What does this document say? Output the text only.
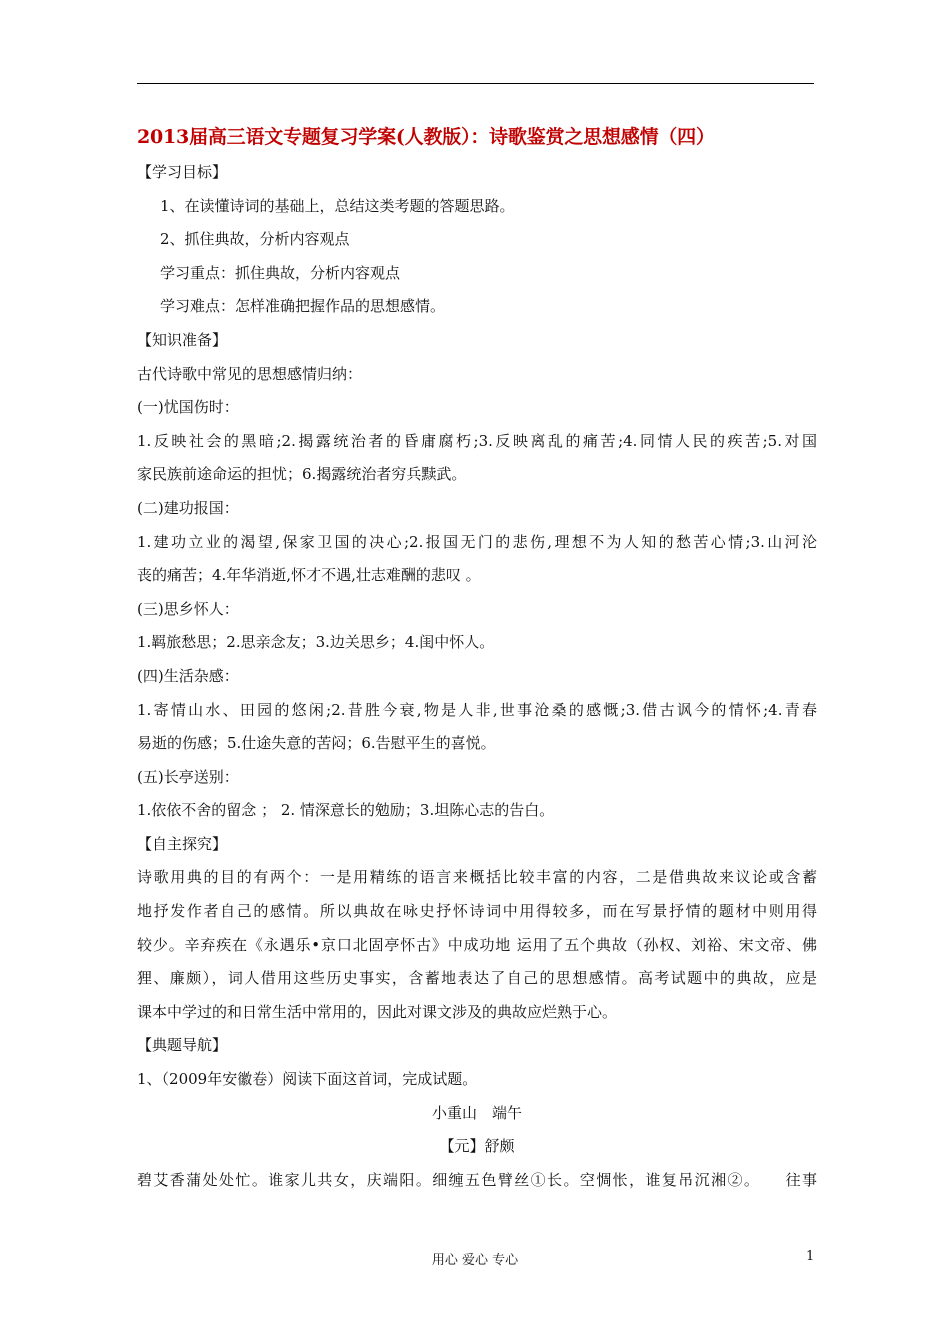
2013届高三语文专题复习学案(人教版）：诗歌鉴赏之思想感情（四）
【学习目标】
1、在读懂诗词的基础上，总结这类考题的答题思路。
2、抓住典故，分析内容观点
学习重点：抓住典故，分析内容观点
学习难点：怎样准确把握作品的思想感情。
【知识准备】
古代诗歌中常见的思想感情归纳：
(一)忧国伤时：
1.反映社会的黑暗;2.揭露统治者的昏庸腐朽;3.反映离乱的痛苦;4.同情人民的疾苦;5.对国
家民族前途命运的担忧；6.揭露统治者穷兵黩武。
(二)建功报国：
1.建功立业的渴望,保家卫国的决心;2.报国无门的悲伤,理想不为人知的愁苦心情;3.山河沦
丧的痛苦；4.年华消逝,怀才不遇,壮志难酬的悲叹 。
(三)思乡怀人：
1.羁旅愁思；2.思亲念友；3.边关思乡；4.闺中怀人。
(四)生活杂感：
1.寄情山水、田园的悠闲;2.昔胜今衰,物是人非,世事沧桑的感慨;3.借古讽今的情怀;4.青春
易逝的伤感；5.仕途失意的苦闷；6.告慰平生的喜悦。
(五)长亭送别：
1.依依不舍的留念 ； 2. 情深意长的勉励；3.坦陈心志的告白。
【自主探究】
诗歌用典的目的有两个：一是用精练的语言来概括比较丰富的内容，二是借典故来议论或含蓄
地抒发作者自己的感情。所以典故在咏史抒怀诗词中用得较多，而在写景抒情的题材中则用得
较少。辛弃疾在《永遇乐•京口北固亭怀古》中成功地 运用了五个典故（孙权、刘裕、宋文帝、佛
狸、廉颇），词人借用这些历史事实，含蓄地表达了自己的思想感情。高考试题中的典故，应是
课本中学过的和日常生活中常用的，因此对课文涉及的典故应烂熟于心。
【典题导航】
1、（2009年安徽卷）阅读下面这首词，完成试题。
小重山　端午
【元】舒颇
碧艾香蒲处处忙。谁家儿共女，庆端阳。细缠五色臂丝①长。空惆怅，谁复吊沉湘②。　　往事
用心 爱心 专心	1
